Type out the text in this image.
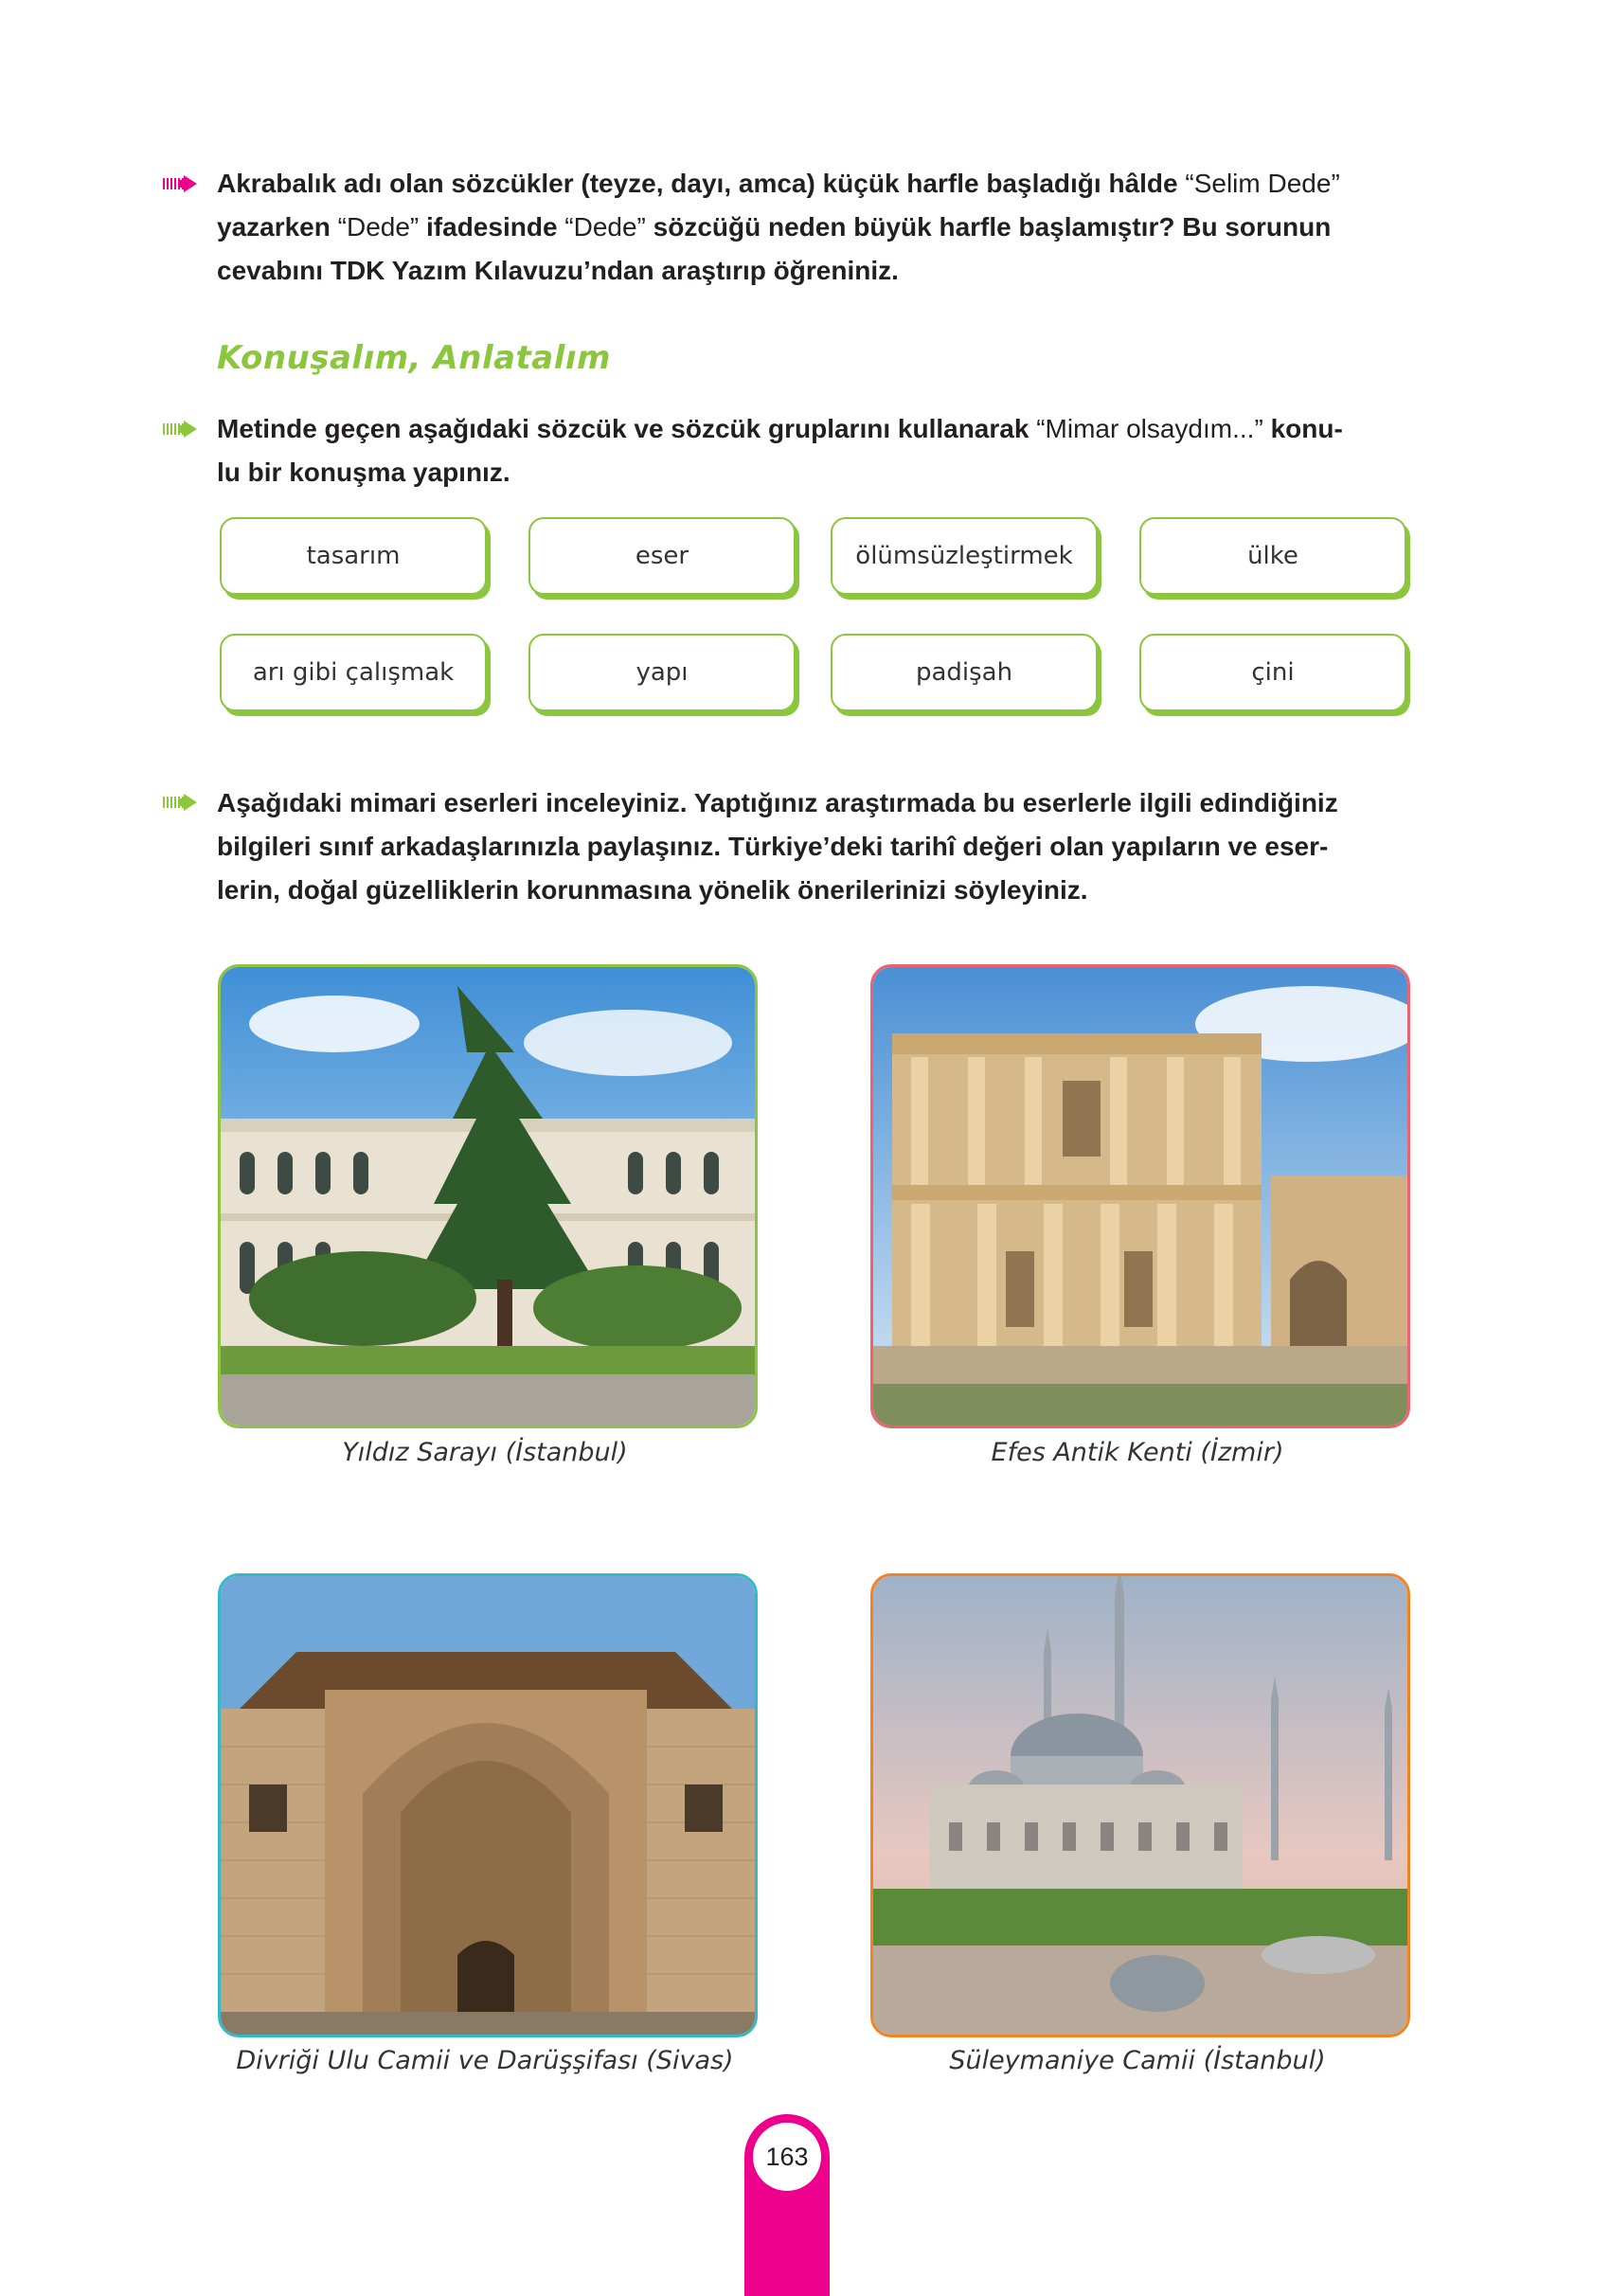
Akrabalık adı olan sözcükler (teyze, dayı, amca) küçük harfle başladığı hâlde “Selim Dede”
yazarken “Dede” ifadesinde “Dede” sözcüğü neden büyük harfle başlamıştır? Bu sorunun
cevabını TDK Yazım Kılavuzu’ndan araştırıp öğreniniz.
Konuşalım, Anlatalım
Metinde geçen aşağıdaki sözcük ve sözcük gruplarını kullanarak “Mimar olsaydım...” konu-
lu bir konuşma yapınız.
tasarım	eser	ölümsüzleştirmek	ülke
arı gibi çalışmak	yapı	padişah	çini
Aşağıdaki mimari eserleri inceleyiniz. Yaptığınız araştırmada bu eserlerle ilgili edindiğiniz
bilgileri sınıf arkadaşlarınızla paylaşınız. Türkiye’deki tarihî değeri olan yapıların ve eser-
lerin, doğal güzelliklerin korunmasına yönelik önerilerinizi söyleyiniz.
Yıldız Sarayı (İstanbul)	Efes Antik Kenti (İzmir)
Divriği Ulu Camii ve Darüşşifası (Sivas)	Süleymaniye Camii (İstanbul)
163
